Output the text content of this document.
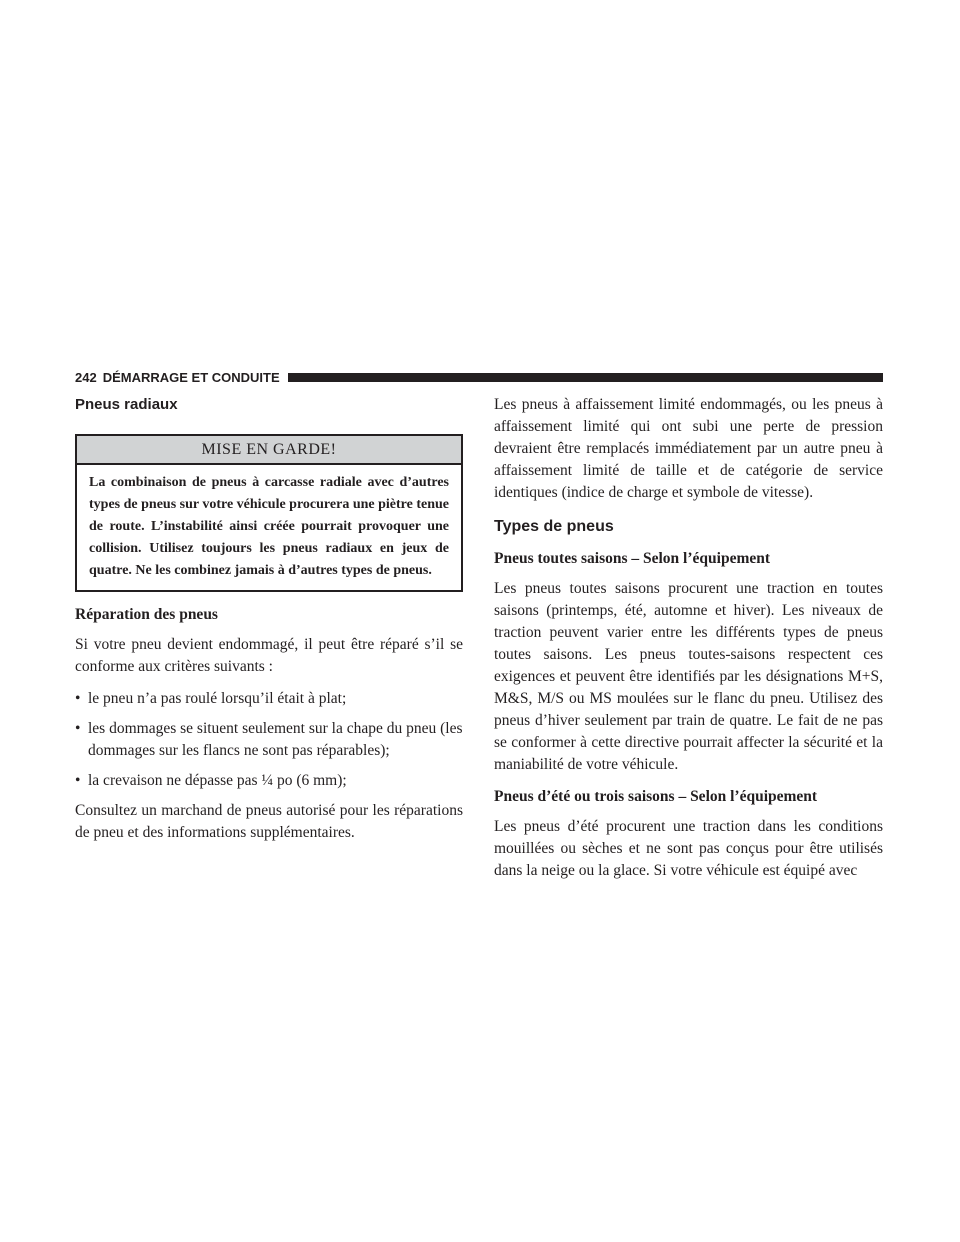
242 DÉMARRAGE ET CONDUITE
Pneus radiaux
MISE EN GARDE!
La combinaison de pneus à carcasse radiale avec d’autres types de pneus sur votre véhicule procurera une piètre tenue de route. L’instabilité ainsi créée pourrait provoquer une collision. Utilisez toujours les pneus radiaux en jeux de quatre. Ne les combinez jamais à d’autres types de pneus.

Réparation des pneus

Si votre pneu devient endommagé, il peut être réparé s’il se conforme aux critères suivants :

• le pneu n’a pas roulé lorsqu’il était à plat;
• les dommages se situent seulement sur la chape du pneu (les dommages sur les flancs ne sont pas réparables);
• la crevaison ne dépasse pas ¼ po (6 mm);

Consultez un marchand de pneus autorisé pour les réparations de pneu et des informations supplémentaires.

Les pneus à affaissement limité endommagés, ou les pneus à affaissement limité qui ont subi une perte de pression devraient être remplacés immédiatement par un autre pneu à affaissement limité de taille et de catégorie de service identiques (indice de charge et symbole de vitesse).

Types de pneus

Pneus toutes saisons – Selon l’équipement

Les pneus toutes saisons procurent une traction en toutes saisons (printemps, été, automne et hiver). Les niveaux de traction peuvent varier entre les différents types de pneus toutes saisons. Les pneus toutes-saisons respectent ces exigences et peuvent être identifiés par les désignations M+S, M&S, M/S ou MS moulées sur le flanc du pneu. Utilisez des pneus d’hiver seulement par train de quatre. Le fait de ne pas se conformer à cette directive pourrait affecter la sécurité et la maniabilité de votre véhicule.

Pneus d’été ou trois saisons – Selon l’équipement

Les pneus d’été procurent une traction dans les conditions mouillées ou sèches et ne sont pas conçus pour être utilisés dans la neige ou la glace. Si votre véhicule est équipé avec
